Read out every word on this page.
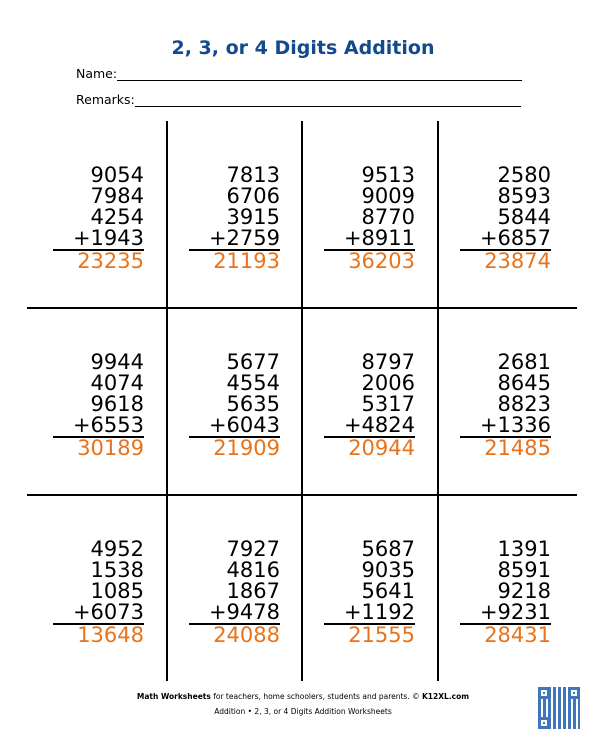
2, 3, or 4 Digits Addition
Name:
Remarks:
9054
7984
4254
+1943
23235
7813
6706
3915
+2759
21193
9513
9009
8770
+8911
36203
2580
8593
5844
+6857
23874
9944
4074
9618
+6553
30189
5677
4554
5635
+6043
21909
8797
2006
5317
+4824
20944
2681
8645
8823
+1336
21485
4952
1538
1085
+6073
13648
7927
4816
1867
+9478
24088
5687
9035
5641
+1192
21555
1391
8591
9218
+9231
28431
Math Worksheets for teachers, home schoolers, students and parents. © K12XL.com
Addition • 2, 3, or 4 Digits Addition Worksheets
